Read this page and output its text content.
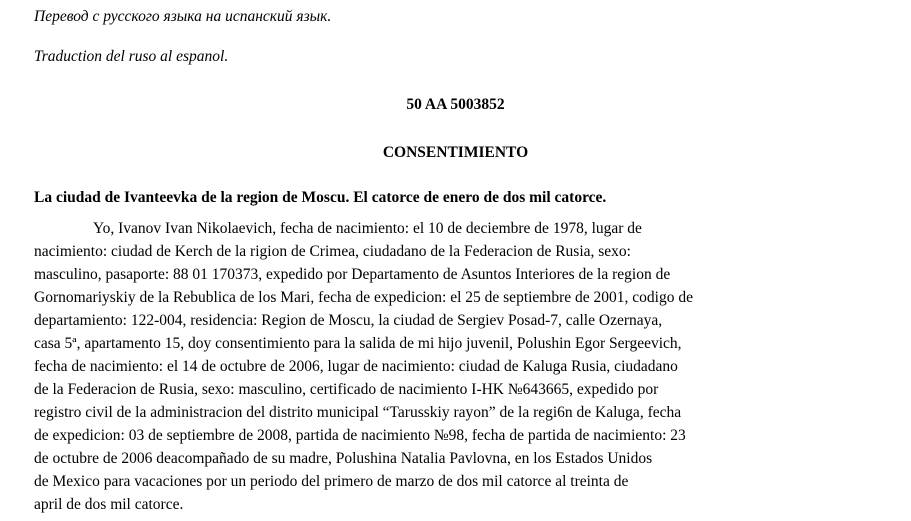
Перевод с русского языка на испанский язык.
Traduction del ruso al espanol.
50 AA 5003852
CONSENTIMIENTO
La ciudad de Ivanteevka de la region de Moscu. El catorce de enero de dos mil catorce.
Yo, Ivanov Ivan Nikolaevich, fecha de nacimiento: el 10 de deciembre de 1978, lugar de
nacimiento: ciudad de Kerch de la rigion de Crimea, ciudadano de la Federacion de Rusia, sexo:
masculino, pasaporte: 88 01 170373, expedido por Departamento de Asuntos Interiores de la region de
Gornomariyskiy de la Rebublica de los Mari, fecha de expedicion: el 25 de septiembre de 2001, codigo de
departamiento: 122-004, residencia: Region de Moscu, la ciudad de Sergiev Posad-7, calle Ozernaya,
casa 5ª, apartamento 15, doy consentimiento para la salida de mi hijo juvenil, Polushin Egor Sergeevich,
fecha de nacimiento: el 14 de octubre de 2006, lugar de nacimiento: ciudad de Kaluga Rusia, ciudadano
de la Federacion de Rusia, sexo: masculino, certificado de nacimiento I-HK №643665, expedido por
registro civil de la administracion del distrito municipal “Tarusskiy rayon” de la regi6n de Kaluga, fecha
de expedicion: 03 de septiembre de 2008, partida de nacimiento №98, fecha de partida de nacimiento: 23
de octubre de 2006 deacompañado de su madre, Polushina Natalia Pavlovna, en los Estados Unidos
de Mexico para vacaciones por un periodo del primero de marzo de dos mil catorce al treinta de
april de dos mil catorce.
